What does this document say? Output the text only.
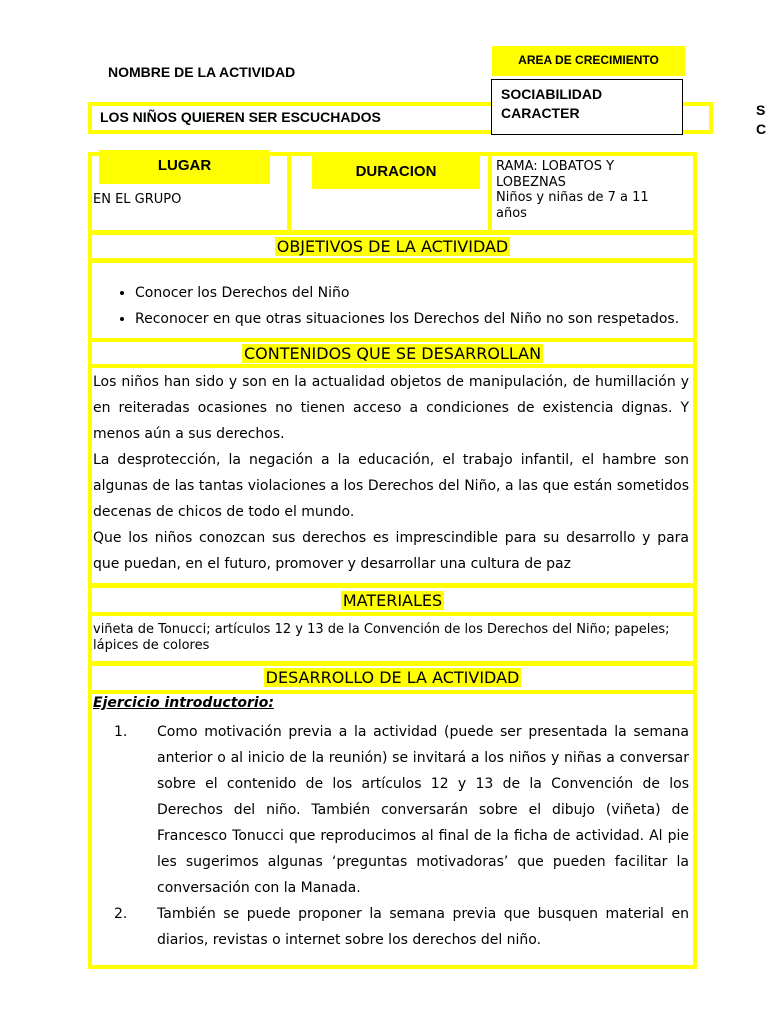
NOMBRE DE LA ACTIVIDAD
AREA DE CRECIMIENTO
LOS NIÑOS QUIEREN SER ESCUCHADOS
SOCIABILIDAD
CARACTER	S
C
LUGAR
EN EL GRUPO
DURACION	RAMA: LOBATOS Y
LOBEZNAS
Niños y niñas de 7 a 11
años
OBJETIVOS DE LA ACTIVIDAD
• Conocer los Derechos del Niño
• Reconocer en que otras situaciones los Derechos del Niño no son respetados.
CONTENIDOS QUE SE DESARROLLAN
Los niños han sido y son en la actualidad objetos de manipulación, de humillación y en reiteradas ocasiones no tienen acceso a condiciones de existencia dignas. Y menos aún a sus derechos.
La desprotección, la negación a la educación, el trabajo infantil, el hambre son algunas de las tantas violaciones a los Derechos del Niño, a las que están sometidos decenas de chicos de todo el mundo.
Que los niños conozcan sus derechos es imprescindible para su desarrollo y para que puedan, en el futuro, promover y desarrollar una cultura de paz
MATERIALES
viñeta de Tonucci; artículos 12 y 13 de la Convención de los Derechos del Niño; papeles; lápices de colores
DESARROLLO DE LA ACTIVIDAD
Ejercicio introductorio:
1. Como motivación previa a la actividad (puede ser presentada la semana anterior o al inicio de la reunión) se invitará a los niños y niñas a conversar sobre el contenido de los artículos 12 y 13 de la Convención de los Derechos del niño. También conversarán sobre el dibujo (viñeta) de Francesco Tonucci que reproducimos al final de la ficha de actividad. Al pie les sugerimos algunas ‘preguntas motivadoras’ que pueden facilitar la conversación con la Manada.
2. También se puede proponer la semana previa que busquen material en diarios, revistas o internet sobre los derechos del niño.
